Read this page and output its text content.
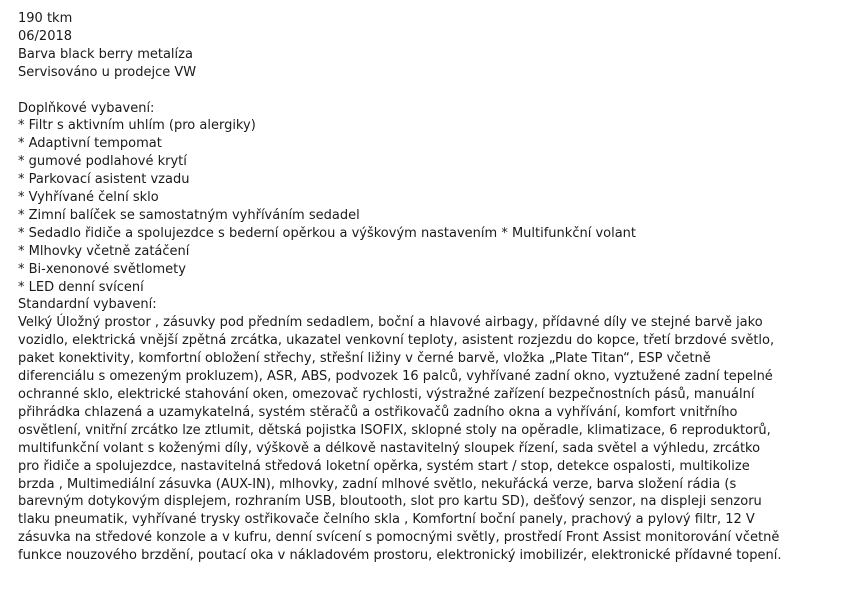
190 tkm
06/2018
Barva black berry metalíza
Servisováno u prodejce VW
Doplňkové vybavení:
* Filtr s aktivním uhlím (pro alergiky)
* Adaptivní tempomat
* gumové podlahové krytí
* Parkovací asistent vzadu
* Vyhřívané čelní sklo
* Zimní balíček se samostatným vyhříváním sedadel
* Sedadlo řidiče a spolujezdce s bederní opěrkou a výškovým nastavením * Multifunkční volant
* Mlhovky včetně zatáčení
* Bi-xenonové světlomety
* LED denní svícení
Standardní vybavení:
Velký Úložný prostor , zásuvky pod předním sedadlem, boční a hlavové airbagy, přídavné díly ve stejné barvě jako
vozidlo, elektrická vnější zpětná zrcátka, ukazatel venkovní teploty, asistent rozjezdu do kopce, třetí brzdové světlo,
paket konektivity, komfortní obložení střechy, střešní ližiny v černé barvě, vložka „Plate Titan“, ESP včetně
diferenciálu s omezeným prokluzem), ASR, ABS, podvozek 16 palců, vyhřívané zadní okno, vyztužené zadní tepelné
ochranné sklo, elektrické stahování oken, omezovač rychlosti, výstražné zařízení bezpečnostních pásů, manuální
přihrádka chlazená a uzamykatelná, systém stěračů a ostřikovačů zadního okna a vyhřívání, komfort vnitřního
osvětlení, vnitřní zrcátko lze ztlumit, dětská pojistka ISOFIX, sklopné stoly na opěradle, klimatizace, 6 reproduktorů,
multifunkční volant s koženými díly, výškově a délkově nastavitelný sloupek řízení, sada světel a výhledu, zrcátko
pro řidiče a spolujezdce, nastavitelná středová loketní opěrka, systém start / stop, detekce ospalosti, multikolize
brzda , Multimediální zásuvka (AUX-IN), mlhovky, zadní mlhové světlo, nekuřácká verze, barva složení rádia (s
barevným dotykovým displejem, rozhraním USB, bloutooth, slot pro kartu SD), dešťový senzor, na displeji senzoru
tlaku pneumatik, vyhřívané trysky ostřikovače čelního skla , Komfortní boční panely, prachový a pylový filtr, 12 V
zásuvka na středové konzole a v kufru, denní svícení s pomocnými světly, prostředí Front Assist monitorování včetně
funkce nouzového brzdění, poutací oka v nákladovém prostoru, elektronický imobilizér, elektronické přídavné topení.
